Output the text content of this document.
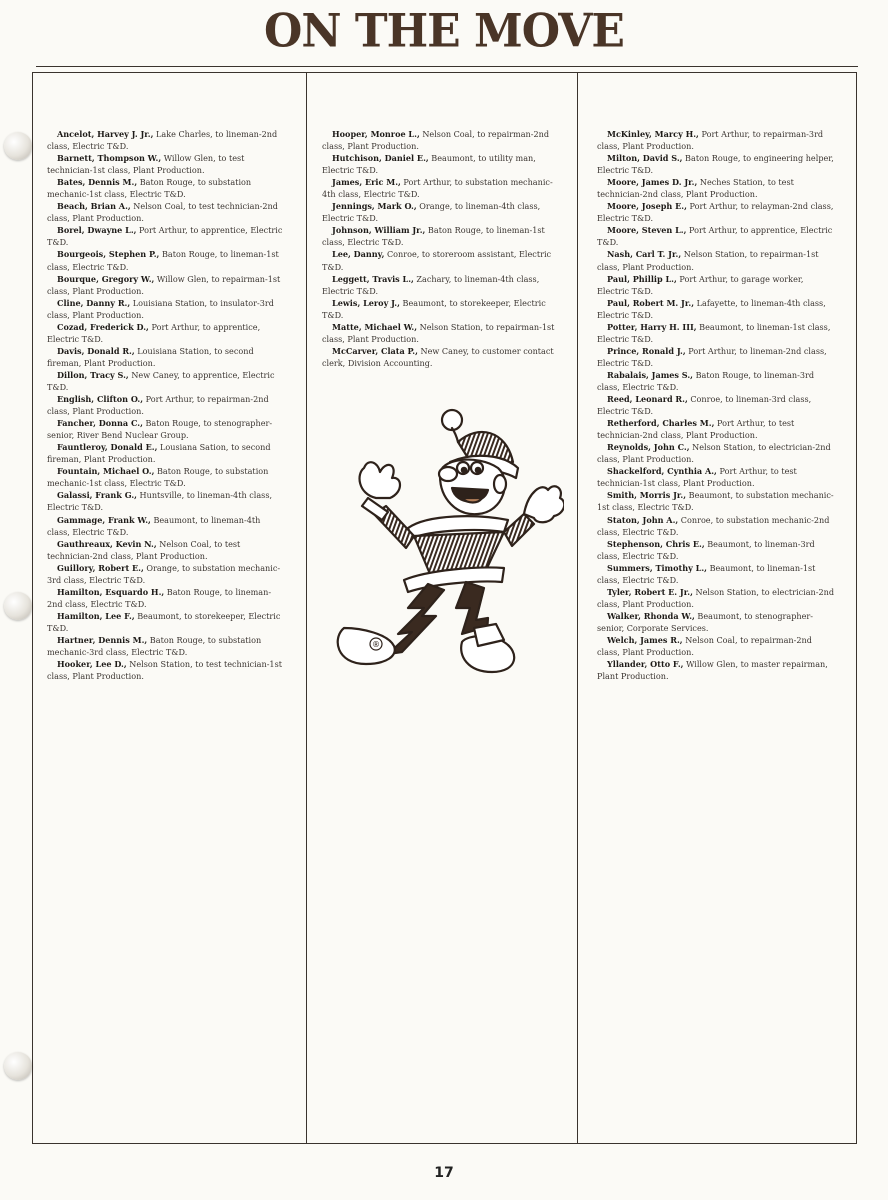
ON THE MOVE

Ancelot, Harvey J. Jr., Lake Charles, to lineman-2nd class, Electric T&D.

Barnett, Thompson W., Willow Glen, to test technician-1st class, Plant Production.

Bates, Dennis M., Baton Rouge, to substation mechanic-1st class, Electric T&D.

Beach, Brian A., Nelson Coal, to test technician-2nd class, Plant Production.

Borel, Dwayne L., Port Arthur, to apprentice, Electric T&D.

Bourgeois, Stephen P., Baton Rouge, to lineman-1st class, Electric T&D.

Bourque, Gregory W., Willow Glen, to repairman-1st class, Plant Production.

Cline, Danny R., Louisiana Station, to insulator-3rd class, Plant Production.

Cozad, Frederick D., Port Arthur, to apprentice, Electric T&D.

Davis, Donald R., Louisiana Station, to second fireman, Plant Production.

Dillon, Tracy S., New Caney, to apprentice, Electric T&D.

English, Clifton O., Port Arthur, to repairman-2nd class, Plant Production.

Fancher, Donna C., Baton Rouge, to stenographer-senior, River Bend Nuclear Group.

Fauntleroy, Donald E., Lousiana Sation, to second fireman, Plant Production.

Fountain, Michael O., Baton Rouge, to substation mechanic-1st class, Electric T&D.

Galassi, Frank G., Huntsville, to lineman-4th class, Electric T&D.

Gammage, Frank W., Beaumont, to lineman-4th class, Electric T&D.

Gauthreaux, Kevin N., Nelson Coal, to test technician-2nd class, Plant Production.

Guillory, Robert E., Orange, to substation mechanic-3rd class, Electric T&D.

Hamilton, Esquardo H., Baton Rouge, to lineman-2nd class, Electric T&D.

Hamilton, Lee F., Beaumont, to storekeeper, Electric T&D.

Hartner, Dennis M., Baton Rouge, to substation mechanic-3rd class, Electric T&D.

Hooker, Lee D., Nelson Station, to test technician-1st class, Plant Production.

Hooper, Monroe L., Nelson Coal, to repairman-2nd class, Plant Production.

Hutchison, Daniel E., Beaumont, to utility man, Electric T&D.

James, Eric M., Port Arthur, to substation mechanic-4th class, Electric T&D.

Jennings, Mark O., Orange, to lineman-4th class, Electric T&D.

Johnson, William Jr., Baton Rouge, to lineman-1st class, Electric T&D.

Lee, Danny, Conroe, to storeroom assistant, Electric T&D.

Leggett, Travis L., Zachary, to lineman-4th class, Electric T&D.

Lewis, Leroy J., Beaumont, to storekeeper, Electric T&D.

Matte, Michael W., Nelson Station, to repairman-1st class, Plant Production.

McCarver, Clata P., New Caney, to customer contact clerk, Division Accounting.

McKinley, Marcy H., Port Arthur, to repairman-3rd class, Plant Production.

Milton, David S., Baton Rouge, to engineering helper, Electric T&D.

Moore, James D. Jr., Neches Station, to test technician-2nd class, Plant Production.

Moore, Joseph E., Port Arthur, to relayman-2nd class, Electric T&D.

Moore, Steven L., Port Arthur, to apprentice, Electric T&D.

Nash, Carl T. Jr., Nelson Station, to repairman-1st class, Plant Production.

Paul, Phillip L., Port Arthur, to garage worker, Electric T&D.

Paul, Robert M. Jr., Lafayette, to lineman-4th class, Electric T&D.

Potter, Harry H. III, Beaumont, to lineman-1st class, Electric T&D.

Prince, Ronald J., Port Arthur, to lineman-2nd class, Electric T&D.

Rabalais, James S., Baton Rouge, to lineman-3rd class, Electric T&D.

Reed, Leonard R., Conroe, to lineman-3rd class, Electric T&D.

Retherford, Charles M., Port Arthur, to test technician-2nd class, Plant Production.

Reynolds, John C., Nelson Station, to electrician-2nd class, Plant Production.

Shackelford, Cynthia A., Port Arthur, to test technician-1st class, Plant Production.

Smith, Morris Jr., Beaumont, to substation mechanic-1st class, Electric T&D.

Staton, John A., Conroe, to substation mechanic-2nd class, Electric T&D.

Stephenson, Chris E., Beaumont, to lineman-3rd class, Electric T&D.

Summers, Timothy L., Beaumont, to lineman-1st class, Electric T&D.

Tyler, Robert E. Jr., Nelson Station, to electrician-2nd class, Plant Production.

Walker, Rhonda W., Beaumont, to stenographer-senior, Corporate Services.

Welch, James R., Nelson Coal, to repairman-2nd class, Plant Production.

Yllander, Otto F., Willow Glen, to master repairman, Plant Production.

®
17
